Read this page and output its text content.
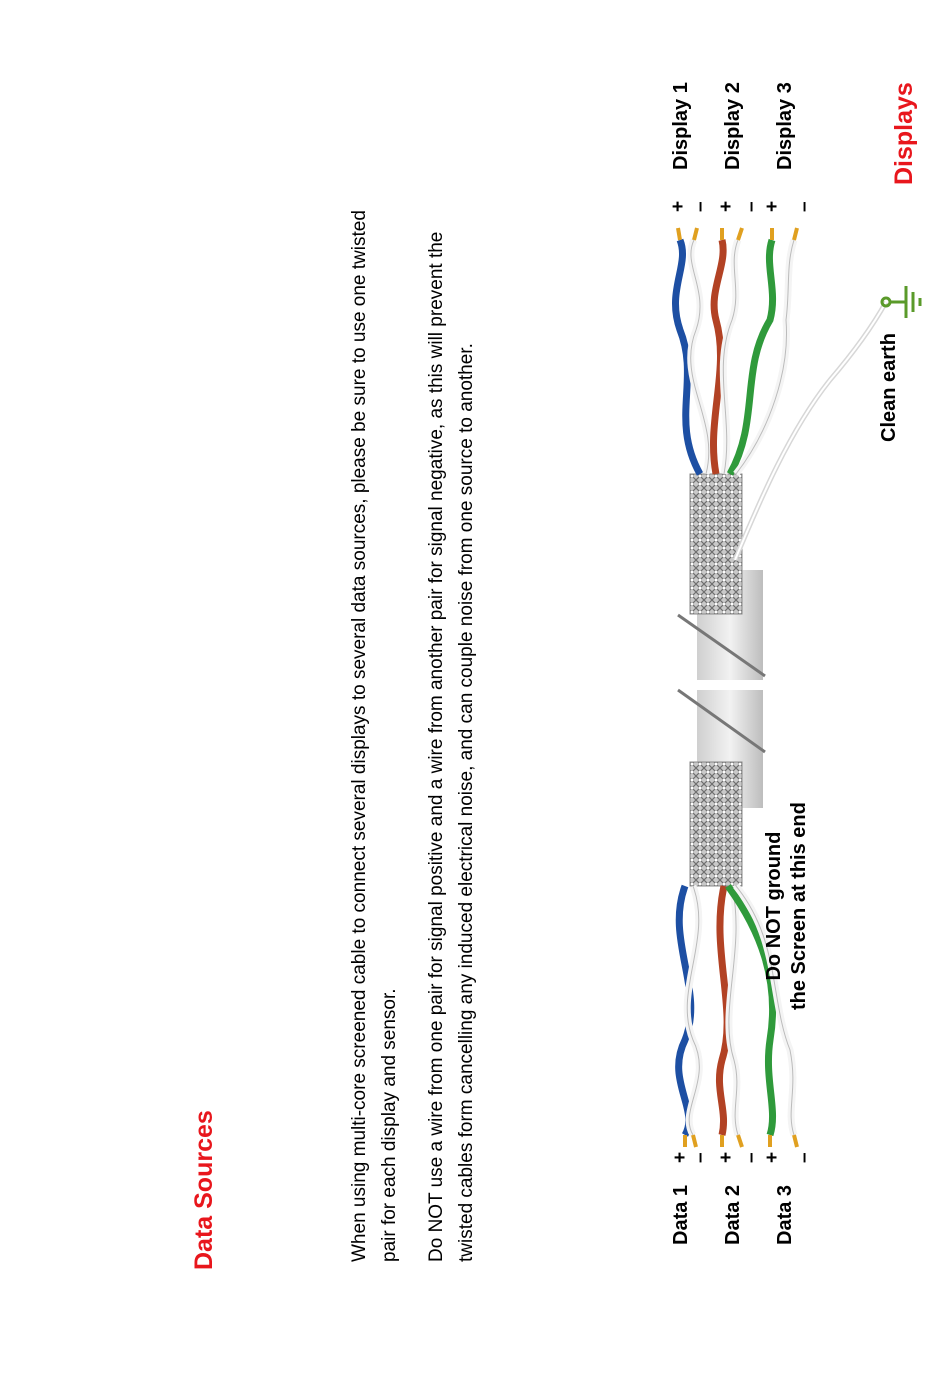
When using multi-core screened cable to connect several displays to several data sources, please be sure to use one twisted pair for each display and sensor. Do NOT use a wire from one pair for signal positive and a wire from another pair for signal negative, as this will prevent the twisted cables form cancelling any induced electrical noise, and can couple noise from one source to another.	Data 1 Data 2 Data 3
+ – + – + –
Data Sources
Display 1 Display 2 Display 3
+ – + – + –
Displays
Do NOT ground the Screen at this end
Clean earth
